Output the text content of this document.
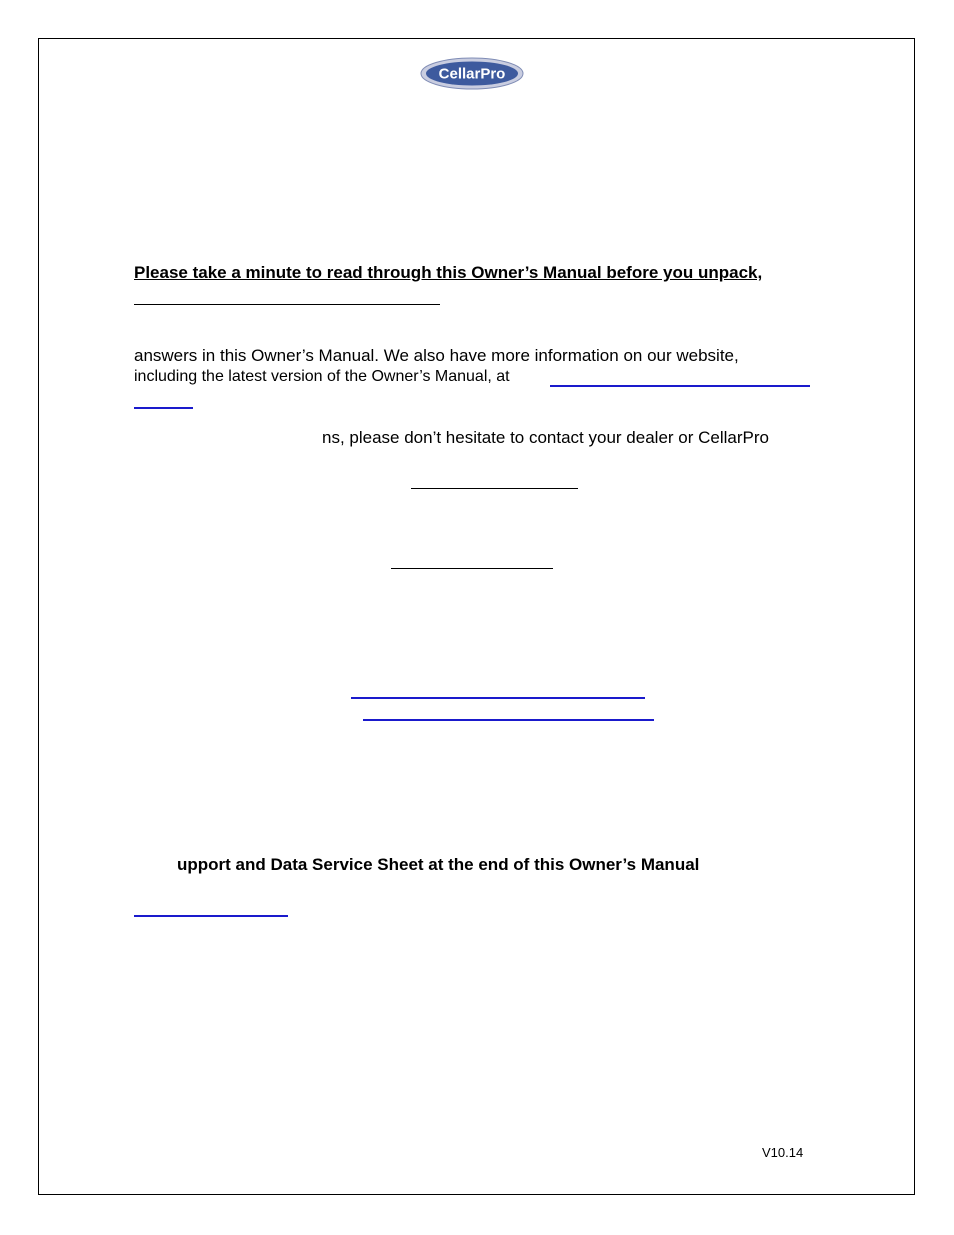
CellarPro
Please take a minute to read through this Owner’s Manual before you unpack,
answers in this Owner’s Manual. We also have more information on our website,
including the latest version of the Owner’s Manual, at
ns, please don’t hesitate to contact your dealer or CellarPro
upport and Data Service Sheet at the end of this Owner’s Manual
V10.14
